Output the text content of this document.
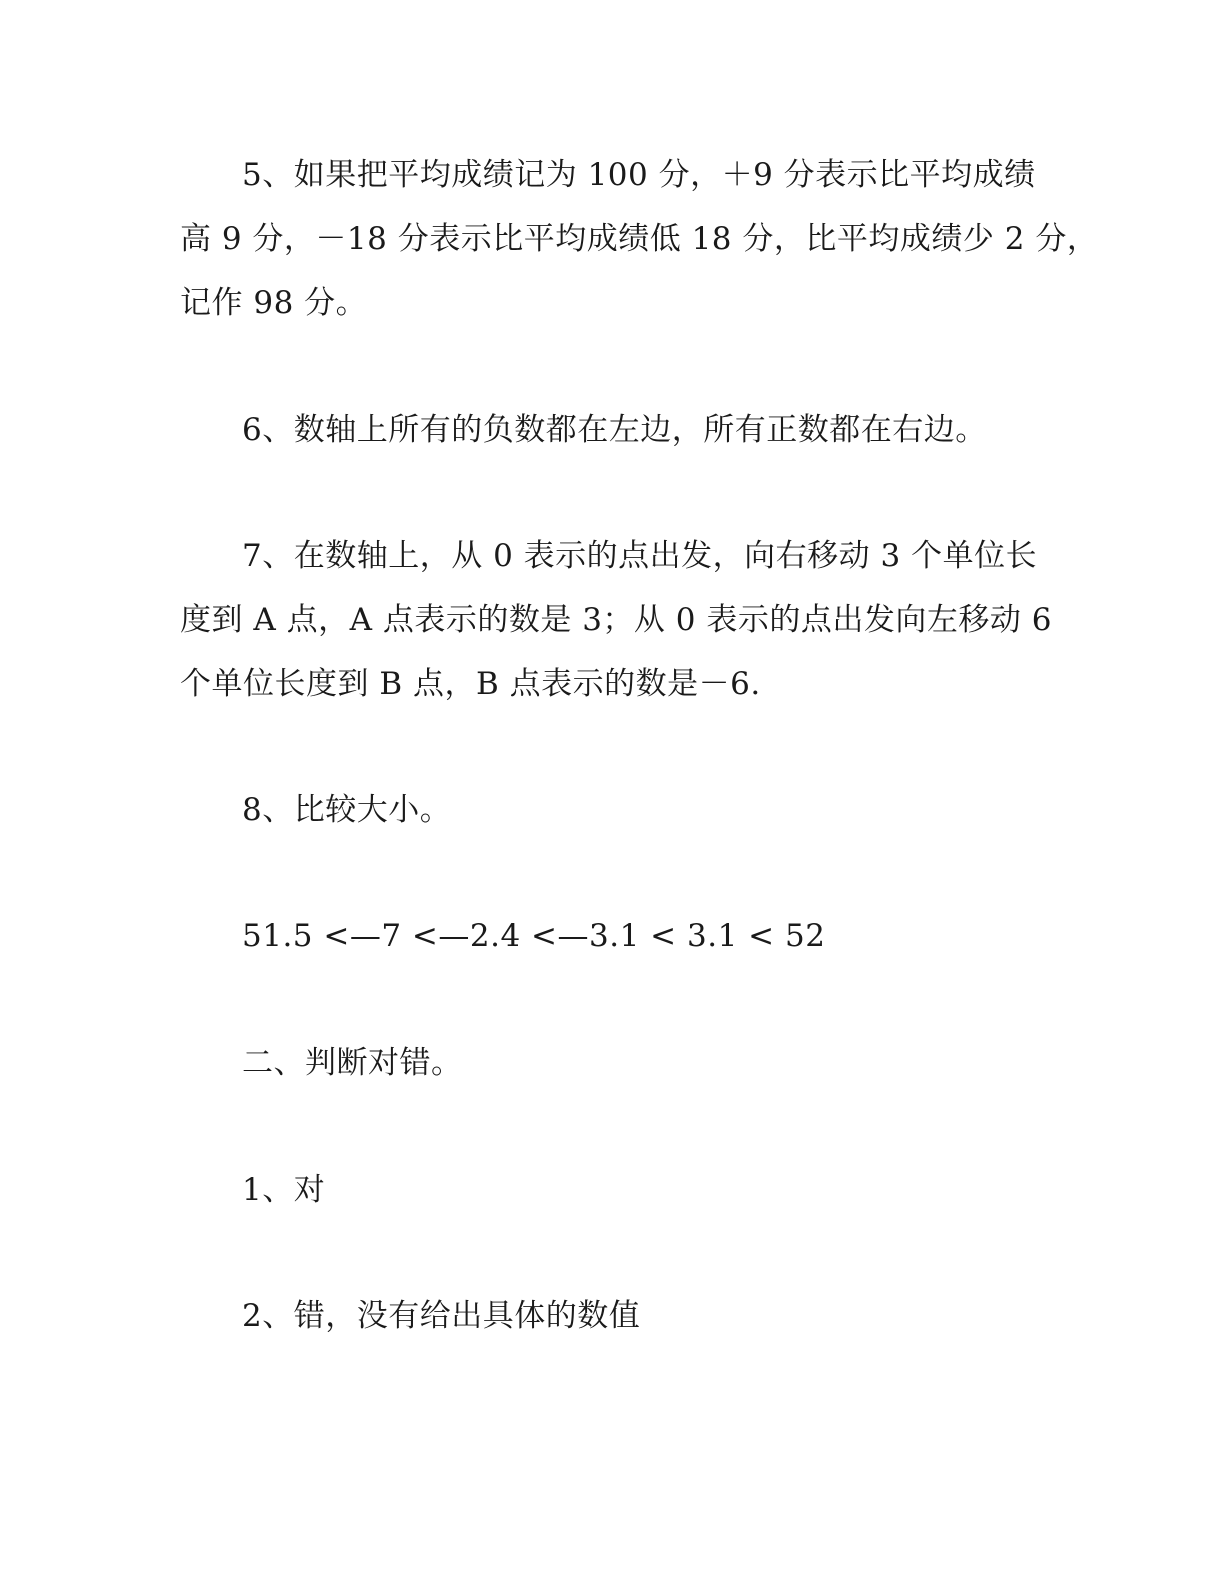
5、如果把平均成绩记为 100 分，＋9 分表示比平均成绩
高 9 分，－18 分表示比平均成绩低 18 分，比平均成绩少 2 分，
记作 98 分。
6、数轴上所有的负数都在左边，所有正数都在右边。
7、在数轴上，从 0 表示的点出发，向右移动 3 个单位长
度到 A 点，A 点表示的数是 3；从 0 表示的点出发向左移动 6
个单位长度到 B 点，B 点表示的数是－6.
8、比较大小。
51.5 <—7 <—2.4 <—3.1 < 3.1 < 52
二、判断对错。
1、对
2、错，没有给出具体的数值
